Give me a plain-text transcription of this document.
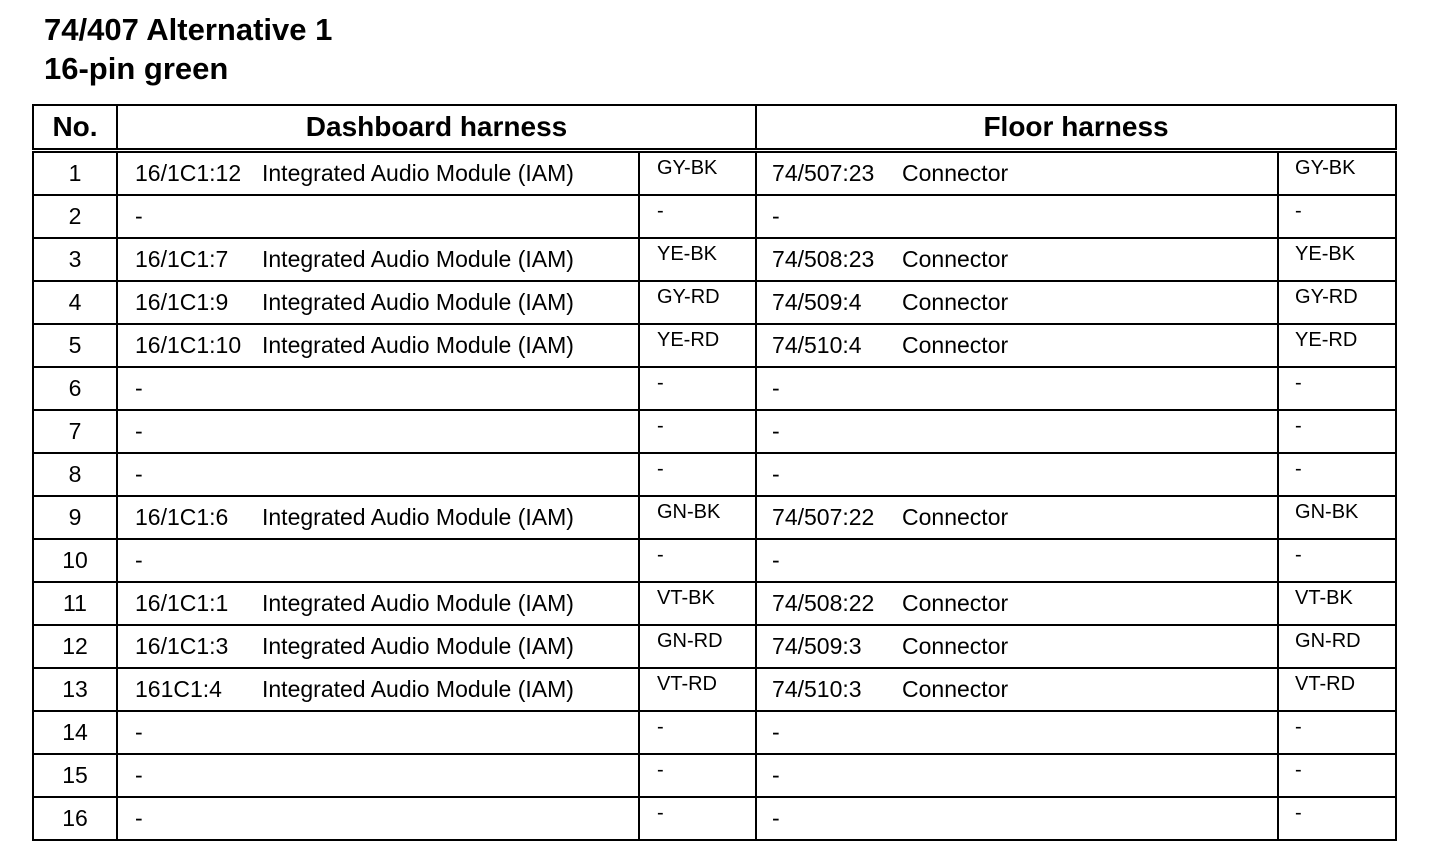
74/407 Alternative 1
16-pin green
No.	Dashboard harness			Floor harness		
1	16/1C1:12	Integrated Audio Module (IAM)	GY-BK	74/507:23	Connector	GY-BK
2	-		-	-		-
3	16/1C1:7	Integrated Audio Module (IAM)	YE-BK	74/508:23	Connector	YE-BK
4	16/1C1:9	Integrated Audio Module (IAM)	GY-RD	74/509:4	Connector	GY-RD
5	16/1C1:10	Integrated Audio Module (IAM)	YE-RD	74/510:4	Connector	YE-RD
6	-		-	-		-
7	-		-	-		-
8	-		-	-		-
9	16/1C1:6	Integrated Audio Module (IAM)	GN-BK	74/507:22	Connector	GN-BK
10	-		-	-		-
11	16/1C1:1	Integrated Audio Module (IAM)	VT-BK	74/508:22	Connector	VT-BK
12	16/1C1:3	Integrated Audio Module (IAM)	GN-RD	74/509:3	Connector	GN-RD
13	161C1:4	Integrated Audio Module (IAM)	VT-RD	74/510:3	Connector	VT-RD
14	-		-	-		-
15	-		-	-		-
16	-		-	-		-
